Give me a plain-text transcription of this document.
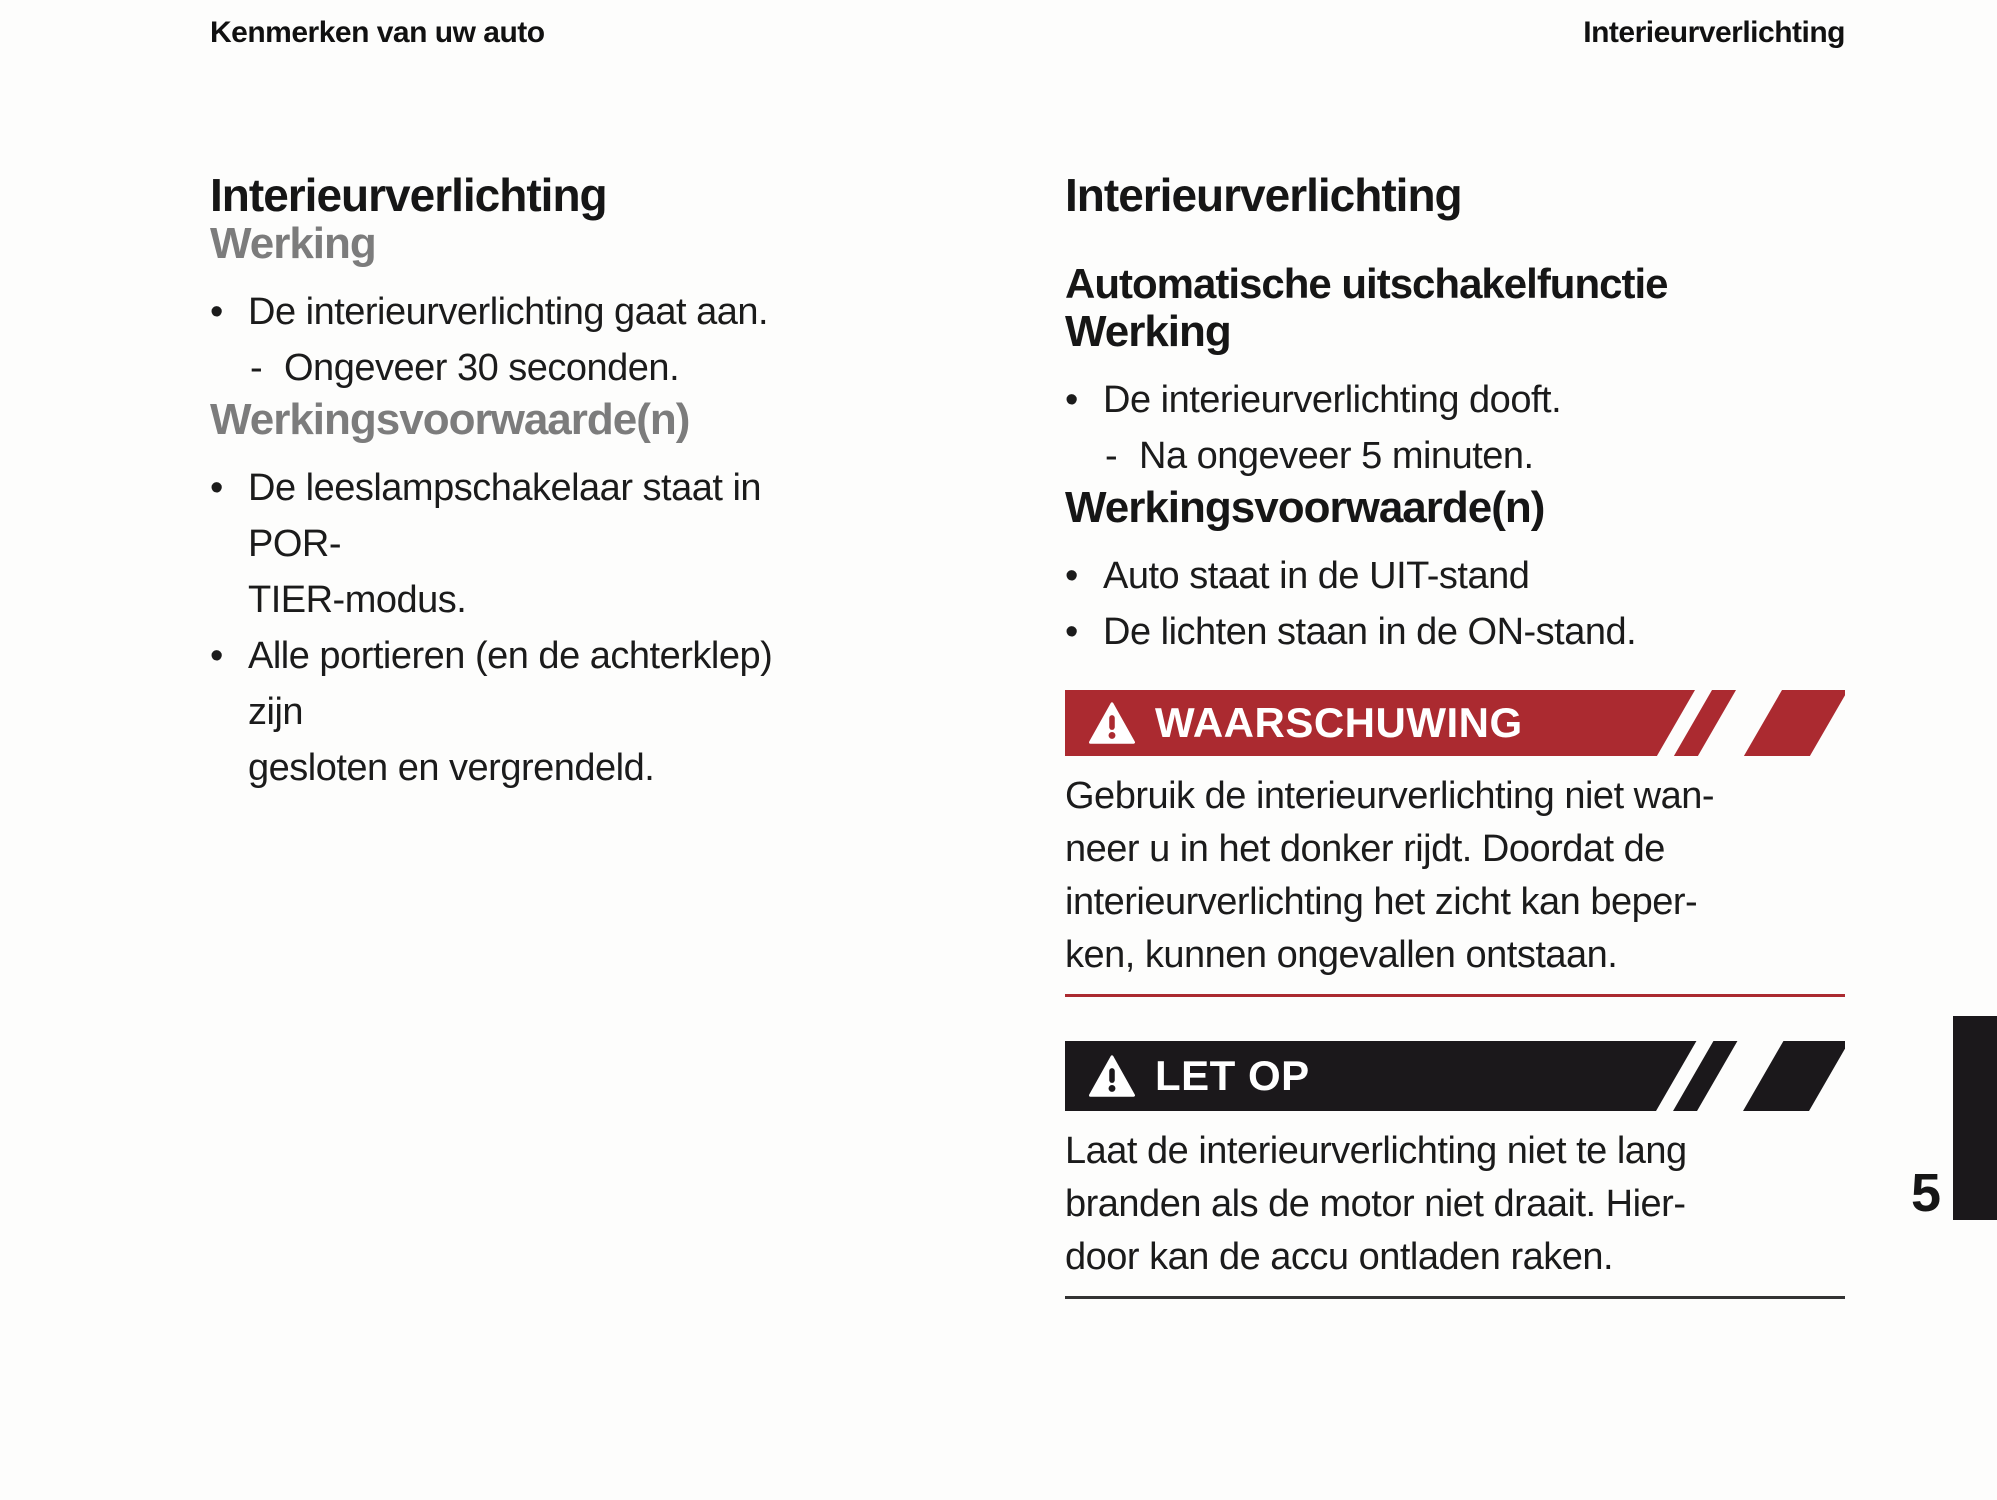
Kenmerken van uw auto	Interieurverlichting
Interieurverlichting
Werking
• De interieurverlichting gaat aan.
- Ongeveer 30 seconden.
Werkingsvoorwaarde(n)
• De leeslampschakelaar staat in POR-
TIER-modus.
• Alle portieren (en de achterklep) zijn
gesloten en vergrendeld.
Interieurverlichting
Automatische uitschakelfunctie
Werking
• De interieurverlichting dooft.
- Na ongeveer 5 minuten.
Werkingsvoorwaarde(n)
• Auto staat in de UIT-stand
• De lichten staan in de ON-stand.
WAARSCHUWING
Gebruik de interieurverlichting niet wan-
neer u in het donker rijdt. Doordat de
interieurverlichting het zicht kan beper-
ken, kunnen ongevallen ontstaan.
LET OP
Laat de interieurverlichting niet te lang
branden als de motor niet draait. Hier-
door kan de accu ontladen raken.
5
